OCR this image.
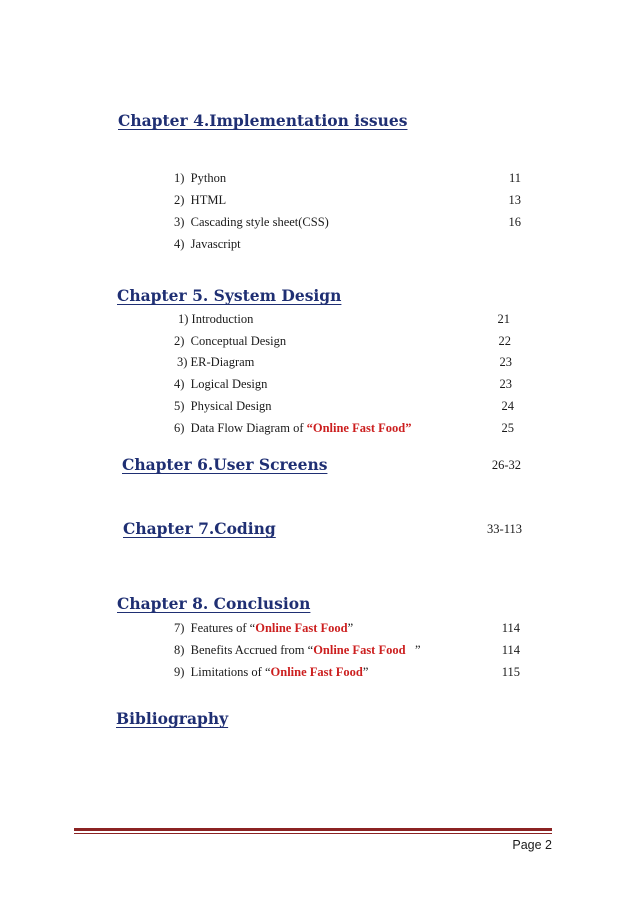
Chapter 4.Implementation issues
1)  Python	11
2)  HTML	13
3)  Cascading style sheet(CSS)	16
4)  Javascript
Chapter 5. System Design
1) Introduction	21
2)  Conceptual Design	22
3) ER-Diagram	23
4)  Logical Design	23
5)  Physical Design	24
6)  Data Flow Diagram of “Online Fast Food”	25
Chapter 6.User Screens	26-32
Chapter 7.Coding	33-113
Chapter 8. Conclusion
7)  Features of “Online Fast Food”	114
8)  Benefits Accrued from “Online Fast Food   ”	114
9)  Limitations of “Online Fast Food”	115
Bibliography
Page 2
